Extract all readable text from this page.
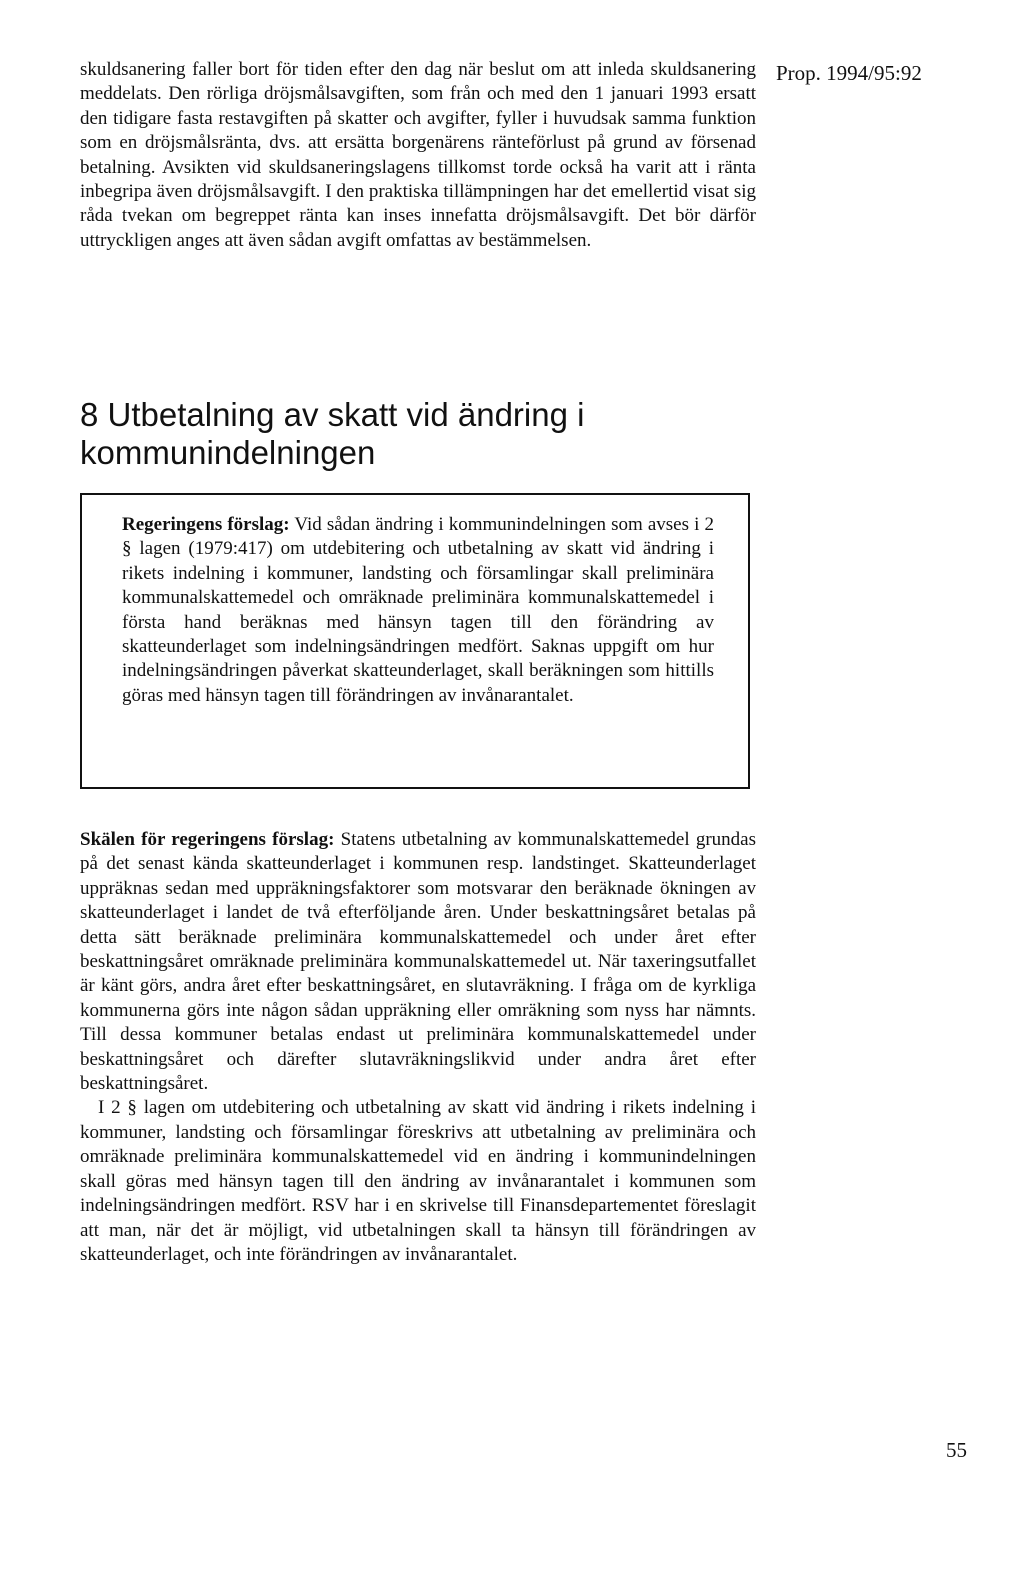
Prop. 1994/95:92

skuldsanering faller bort för tiden efter den dag när beslut om att inleda skuldsanering meddelats. Den rörliga dröjsmålsavgiften, som från och med den 1 januari 1993 ersatt den tidigare fasta restavgiften på skatter och avgifter, fyller i huvudsak samma funktion som en dröjsmålsränta, dvs. att ersätta borgenärens ränteförlust på grund av försenad betalning. Avsikten vid skuldsaneringslagens tillkomst torde också ha varit att i ränta inbegripa även dröjsmålsavgift. I den praktiska tillämpningen har det emellertid visat sig råda tvekan om begreppet ränta kan inses innefatta dröjsmålsavgift. Det bör därför uttryckligen anges att även sådan avgift omfattas av bestämmelsen.

8 Utbetalning av skatt vid ändring i kommunindelningen

Regeringens förslag: Vid sådan ändring i kommunindelningen som avses i 2 § lagen (1979:417) om utdebitering och utbetalning av skatt vid ändring i rikets indelning i kommuner, landsting och församlingar skall preliminära kommunalskattemedel och omräknade preliminära kommunalskattemedel i första hand beräknas med hänsyn tagen till den förändring av skatteunderlaget som indelningsändringen medfört. Saknas uppgift om hur indelningsändringen påverkat skatteunderlaget, skall beräkningen som hittills göras med hänsyn tagen till förändringen av invånarantalet.

Skälen för regeringens förslag: Statens utbetalning av kommunalskattemedel grundas på det senast kända skatteunderlaget i kommunen resp. landstinget. Skatteunderlaget uppräknas sedan med uppräkningsfaktorer som motsvarar den beräknade ökningen av skatteunderlaget i landet de två efterföljande åren. Under beskattningsåret betalas på detta sätt beräknade preliminära kommunalskattemedel och under året efter beskattningsåret omräknade preliminära kommunalskattemedel ut. När taxeringsutfallet är känt görs, andra året efter beskattningsåret, en slutavräkning. I fråga om de kyrkliga kommunerna görs inte någon sådan uppräkning eller omräkning som nyss har nämnts. Till dessa kommuner betalas endast ut preliminära kommunalskattemedel under beskattningsåret och därefter slutavräkningslikvid under andra året efter beskattningsåret.

I 2 § lagen om utdebitering och utbetalning av skatt vid ändring i rikets indelning i kommuner, landsting och församlingar föreskrivs att utbetalning av preliminära och omräknade preliminära kommunalskattemedel vid en ändring i kommunindelningen skall göras med hänsyn tagen till den ändring av invånarantalet i kommunen som indelningsändringen medfört. RSV har i en skrivelse till Finansdepartementet föreslagit att man, när det är möjligt, vid utbetalningen skall ta hänsyn till förändringen av skatteunderlaget, och inte förändringen av invånarantalet.

55
